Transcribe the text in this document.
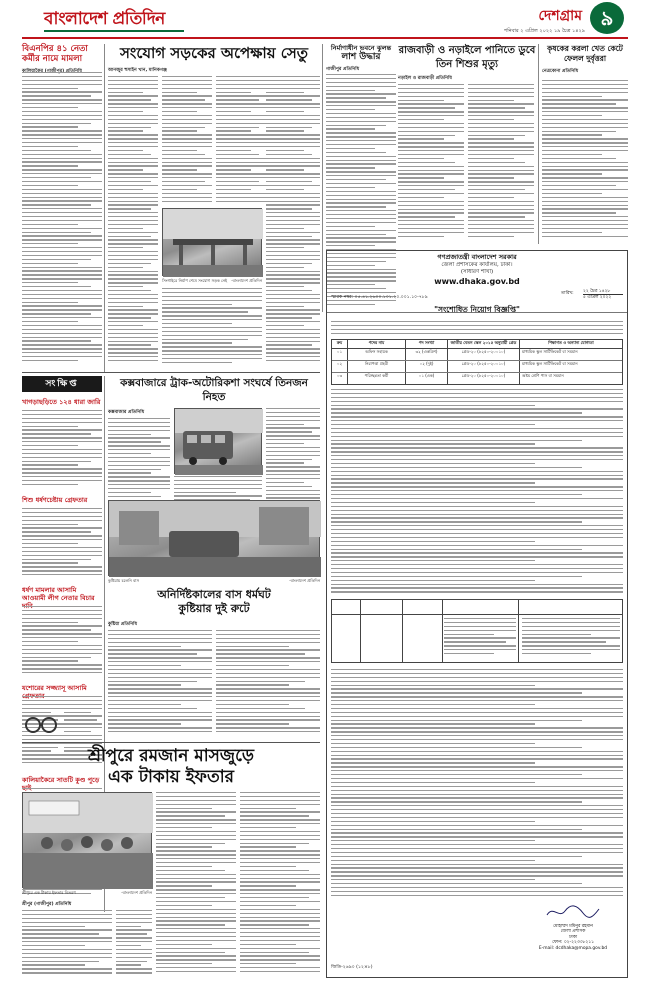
বাংলাদেশ প্রতিদিন	দেশগ্রাম ৯
শনিবার ২ এপ্রিল ২০২২ ১৯ চৈত্র ১৪২৯
বিএনপির ৪১ নেতা কর্মীর নামে মামলা	সংযোগ সড়কের অপেক্ষায় সেতু
আনজুর হুসাইন খান, মানিকগঞ্জ
সিংগাইরে নির্মাণ শেষে সংযোগ সড়ক নেই -বাংলাদেশ প্রতিদিন
নির্মাণাধীন ভবনে ঝুলন্ত
লাশ উদ্ধার
গাজীপুর প্রতিনিধি
রাজবাড়ী ও নড়াইলে পানিতে ডুবে তিন শিশুর মৃত্যু
নড়াইল ও রাজবাড়ী প্রতিনিধি
কৃষকের করলা খেত কেটে ফেলল দুর্বৃত্তরা
নেত্রকোনা প্রতিনিধি
গণপ্রজাতন্ত্রী বাংলাদেশ সরকার
জেলা প্রশাসকের কার্যালয়, ঢাকা।
(সাধারণ শাখা)
www.dhaka.gov.bd
স্মারক নম্বর: ০৫.৪১.২৬০০.১০১.২০.০০১.১০-৭৮৯
তারিখ: ২২ চৈত্র ১৪২৮
৫ এপ্রিল ২০২২
"সংশোধিত নিয়োগ বিজ্ঞপ্তি"
ক্রম	পদের নাম	পদ সংখ্যা	জাতীয় বেতন স্কেল ২০১৫ অনুযায়ী গ্রেড	শিক্ষাগত ও অন্যান্য যোগ্যতা
০১	অফিস সহায়ক	৩২ (একত্রিশ)	গ্রেড-২০ (৮২৫০-২০০১০)	মাধ্যমিক স্কুল সার্টিফিকেট বা সমমান
০২	নিরাপত্তা প্রহরী	০২ (দুই)	গ্রেড-২০ (৮২৫০-২০০১০)	মাধ্যমিক স্কুল সার্টিফিকেট বা সমমান
০৩	পরিচ্ছন্নতা কর্মী	০১ (এক)	গ্রেড-২০ (৮২৫০-২০০১০)	অষ্টম শ্রেণি পাস বা সমমান
মোহাম্মদ মমিনুর রহমান
জেলা প্রশাসক
ঢাকা
ফোন: ০২-২২৩৩৮২১১
E-mail: dcdhaka@mopa.gov.bd
জিডি-২৬৯০ (১২×৮)
সংক্ষিপ্ত
খাগড়াছড়িতে ১২৪ ধারা জারি
শিশু ধর্ষণচেষ্টায় গ্রেফতার
ধর্ষণ মামলার আসামি আওয়ামী লীগ নেতার বিচার
যশোরের সজ্জ্যাসূ আসামি
কালিয়াকৈরে সাতটি কুণ্ড পুড়ে
কক্সবাজারে ট্রাক-অটোরিকশা সংঘর্ষে তিনজন নিহত
কক্সবাজার প্রতিনিধি
কুষ্টিয়ায় চলেনি বাস	-বাংলাদেশ প্রতিদিন
অনির্দিষ্টকালের বাস ধর্মঘট
কুষ্টিয়ার দুই রুটে
কুষ্টিয়া প্রতিনিধি
শ্রীপুরে রমজান মাসজুড়ে
এক টাকায় ইফতার
শ্রীপুরে এক টাকায় ইফতার বিতরণ	-বাংলাদেশ প্রতিদিন
শ্রীপুর (গাজীপুর) প্রতিনিধি
